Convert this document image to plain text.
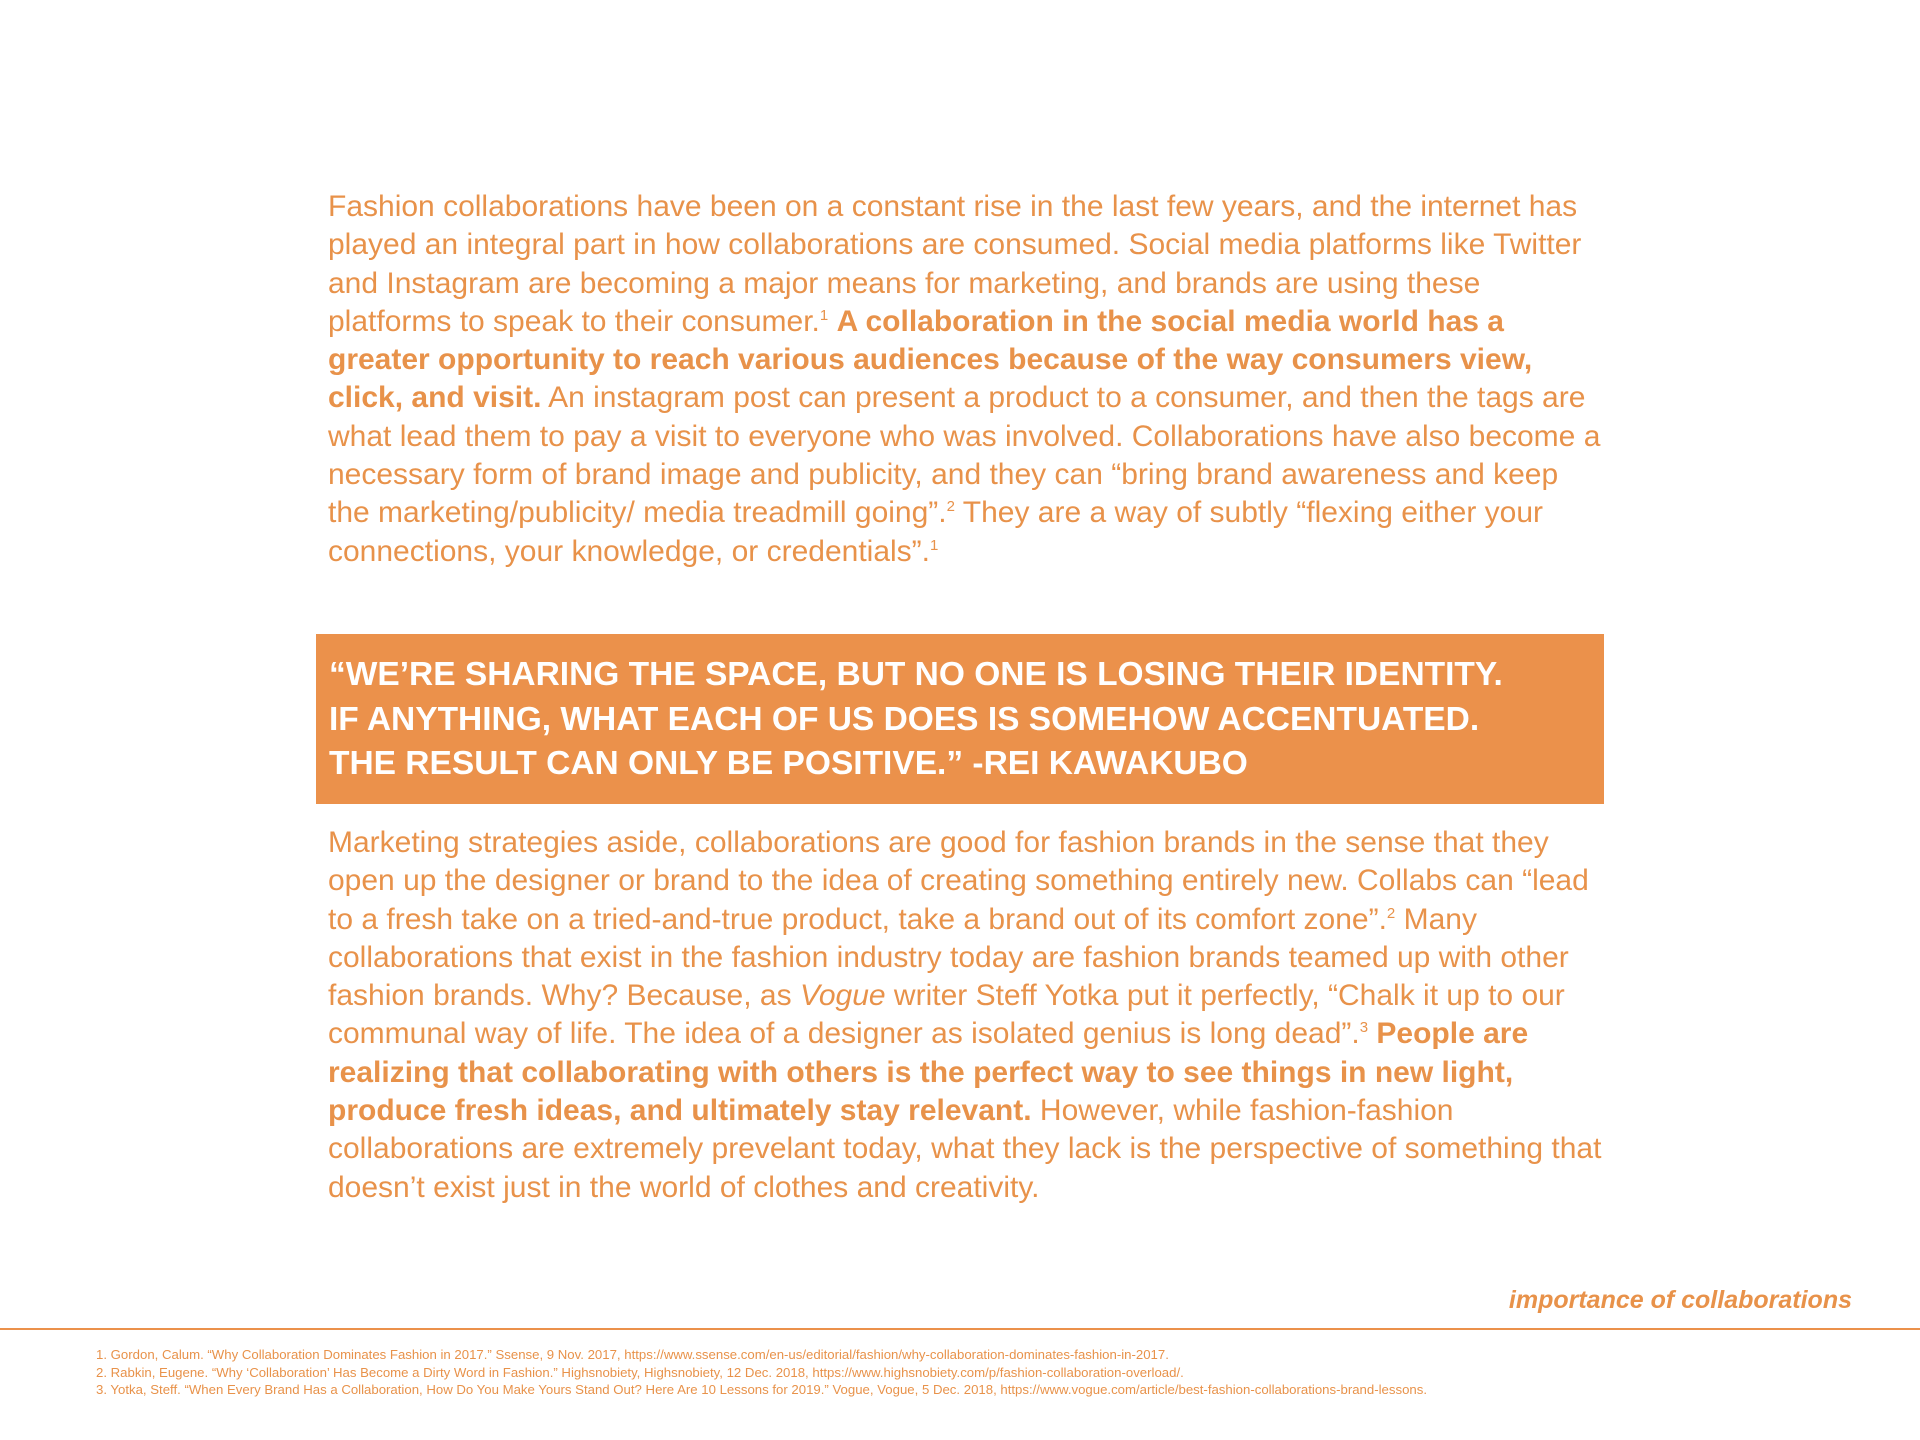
Fashion collaborations have been on a constant rise in the last few years, and the internet has played an integral part in how collaborations are consumed. Social media platforms like Twitter and Instagram are becoming a major means for marketing, and brands are using these platforms to speak to their consumer.$^1$ A collaboration in the social media world has a greater opportunity to reach various audiences because of the way consumers view, click, and visit. An instagram post can present a product to a consumer, and then the tags are what lead them to pay a visit to everyone who was involved. Collaborations have also become a necessary form of brand image and publicity, and they can “bring brand awareness and keep the marketing/publicity/ media treadmill going”.$^2$ They are a way of subtly “flexing either your connections, your knowledge, or credentials”.$^1$

“WE’RE SHARING THE SPACE, BUT NO ONE IS LOSING THEIR IDENTITY.
IF ANYTHING, WHAT EACH OF US DOES IS SOMEHOW ACCENTUATED.
THE RESULT CAN ONLY BE POSITIVE.” -REI KAWAKUBO

Marketing strategies aside, collaborations are good for fashion brands in the sense that they open up the designer or brand to the idea of creating something entirely new. Collabs can “lead to a fresh take on a tried-and-true product, take a brand out of its comfort zone”.$^2$ Many collaborations that exist in the fashion industry today are fashion brands teamed up with other fashion brands. Why? Because, as Vogue writer Steff Yotka put it perfectly, “Chalk it up to our communal way of life. The idea of a designer as isolated genius is long dead”.$^3$ People are realizing that collaborating with others is the perfect way to see things in new light, produce fresh ideas, and ultimately stay relevant. However, while fashion-fashion collaborations are extremely prevelant today, what they lack is the perspective of something that doesn’t exist just in the world of clothes and creativity.

importance of collaborations

1. Gordon, Calum. “Why Collaboration Dominates Fashion in 2017.” Ssense, 9 Nov. 2017, https://www.ssense.com/en-us/editorial/fashion/why-collaboration-dominates-fashion-in-2017.
2. Rabkin, Eugene. “Why ‘Collaboration’ Has Become a Dirty Word in Fashion.” Highsnobiety, Highsnobiety, 12 Dec. 2018, https://www.highsnobiety.com/p/fashion-collaboration-overload/.
3. Yotka, Steff. “When Every Brand Has a Collaboration, How Do You Make Yours Stand Out? Here Are 10 Lessons for 2019.” Vogue, Vogue, 5 Dec. 2018, https://www.vogue.com/article/best-fashion-collaborations-brand-lessons.
